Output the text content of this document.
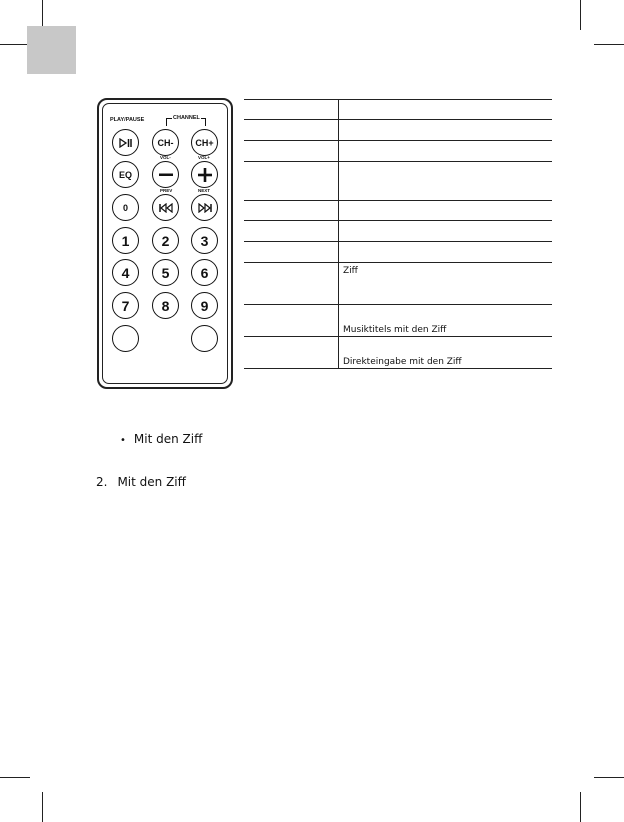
PLAY/PAUSE	CHANNEL
CH-	CH+
VOL-	VOL+
EQ
PREV	NEXT
0
1	2	3
4	5	6
7	8	9

	Ziff
	Musiktitels mit den Ziff
	Direkteingabe mit den Ziff
• Mit den Ziff
2. Mit den Ziff
